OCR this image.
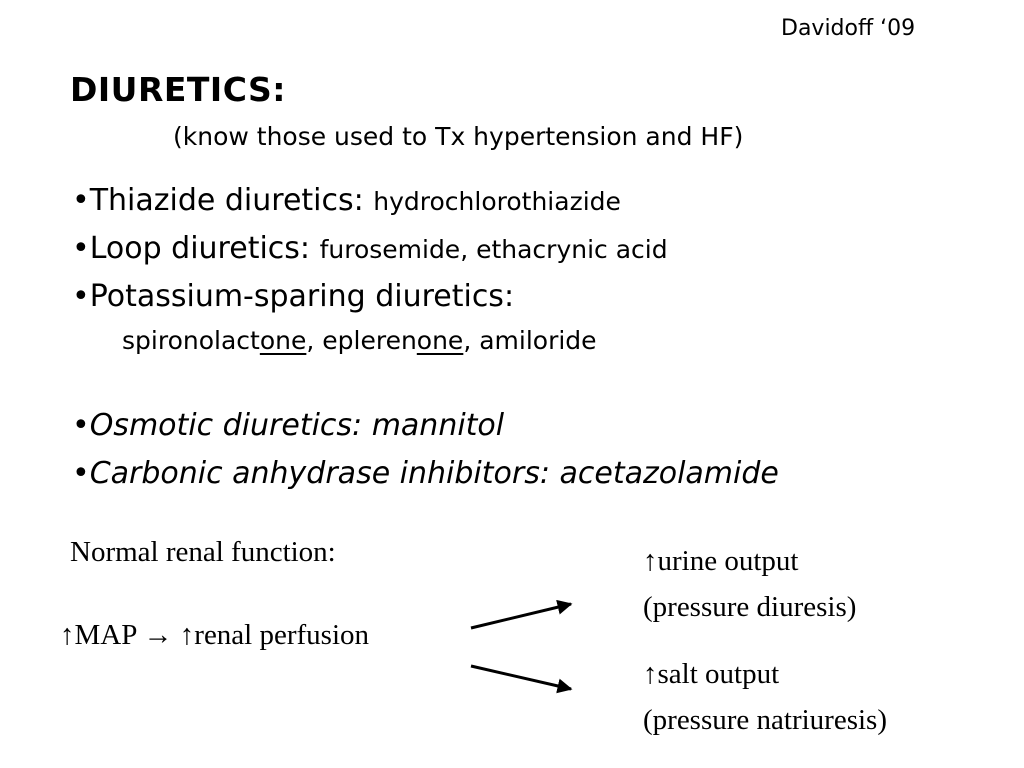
Davidoff ‘09
DIURETICS:
(know those used to Tx hypertension and HF)
•Thiazide diuretics: hydrochlorothiazide
•Loop diuretics: furosemide, ethacrynic acid
•Potassium-sparing diuretics:
spironolactone, eplerenone, amiloride
•Osmotic diuretics: mannitol
•Carbonic anhydrase inhibitors: acetazolamide
Normal renal function:
↑MAP → ↑renal perfusion
↑urine output
(pressure diuresis)
↑salt output
(pressure natriuresis)
